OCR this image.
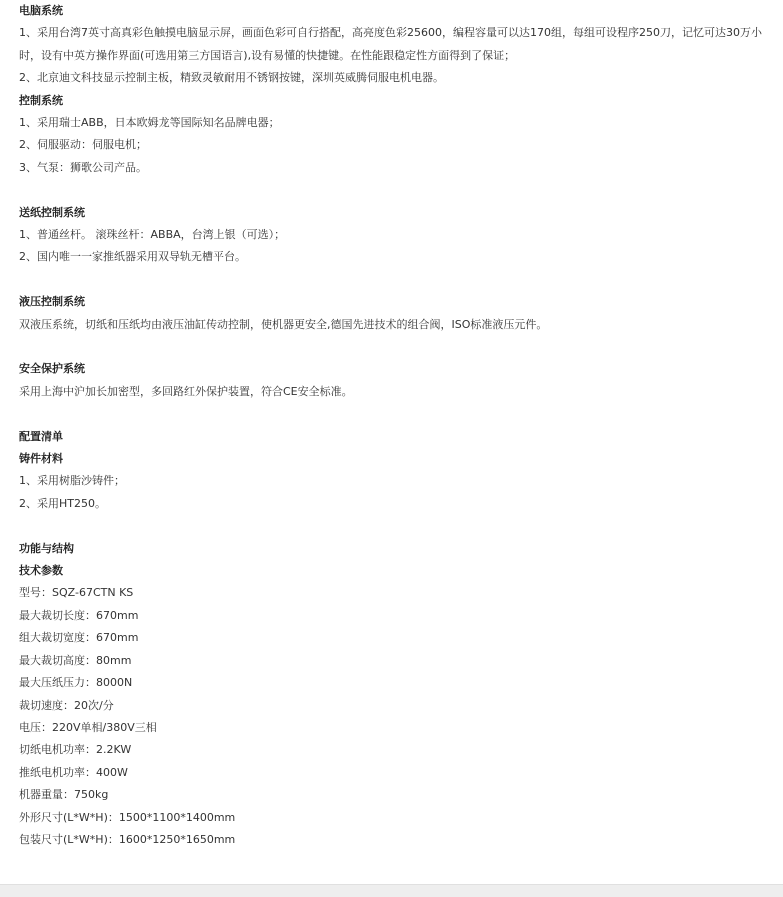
电脑系统
1、采用台湾7英寸高真彩色触摸电脑显示屏，画面色彩可自行搭配，高亮度色彩25600，编程容量可以达170组，每组可设程序250刀，记忆可达30万小时，设有中英方操作界面(可选用第三方国语言),设有易懂的快捷键。在性能跟稳定性方面得到了保证；
2、北京迪文科技显示控制主板，精致灵敏耐用不锈钢按键，深圳英威腾伺服电机电器。
控制系统
1、采用瑞士ABB，日本欧姆龙等国际知名品牌电器；
2、伺服驱动：伺服电机；
3、气泵：狮歌公司产品。
送纸控制系统
1、普通丝杆。 滚珠丝杆：ABBA，台湾上银（可选）；
2、国内唯一一家推纸器采用双导轨无槽平台。
液压控制系统
双液压系统，切纸和压纸均由液压油缸传动控制，使机器更安全,德国先进技术的组合阀，ISO标准液压元件。
安全保护系统
采用上海中沪加长加密型，多回路红外保护装置，符合CE安全标准。
配置清单
铸件材料
1、采用树脂沙铸件；
2、采用HT250。
功能与结构
技术参数
型号：SQZ-67CTN KS
最大裁切长度：670mm
组大裁切宽度：670mm
最大裁切高度：80mm
最大压纸压力：8000N
裁切速度：20次/分
电压：220V单相/380V三相
切纸电机功率：2.2KW
推纸电机功率：400W
机器重量：750kg
外形尺寸(L*W*H)：1500*1100*1400mm
包装尺寸(L*W*H)：1600*1250*1650mm
